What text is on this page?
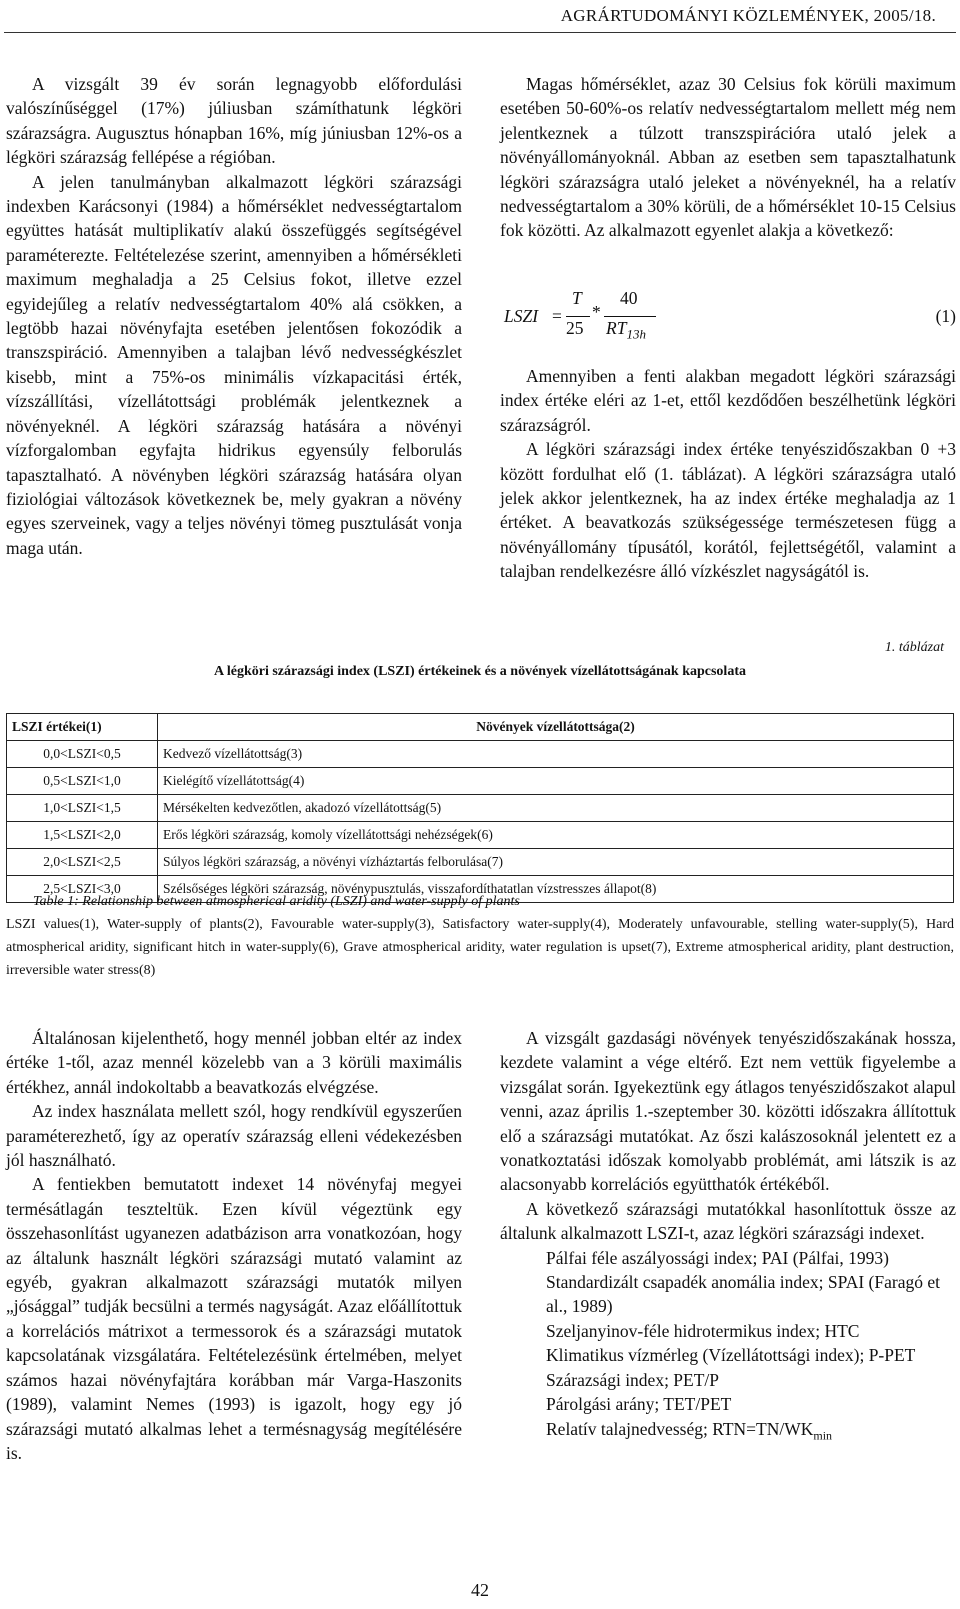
AGRÁRTUDOMÁNYI KÖZLEMÉNYEK, 2005/18.

A vizsgált 39 év során legnagyobb előfordulási valószínűséggel (17%) júliusban számíthatunk légköri szárazságra. Augusztus hónapban 16%, míg júniusban 12%-os a légköri szárazság fellépése a régióban.

A jelen tanulmányban alkalmazott légköri szárazsági indexben Karácsonyi (1984) a hőmérséklet nedvességtartalom együttes hatását multiplikatív alakú összefüggés segítségével paraméterezte. Feltételezése szerint, amennyiben a hőmérsékleti maximum meghaladja a 25 Celsius fokot, illetve ezzel egyidejűleg a relatív nedvességtartalom 40% alá csökken, a legtöbb hazai növényfajta esetében jelentősen fokozódik a transzspiráció. Amennyiben a talajban lévő nedvességkészlet kisebb, mint a 75%-os minimális vízkapacitási érték, vízszállítási, vízellátottsági problémák jelentkeznek a növényeknél. A légköri szárazság hatására a növényi vízforgalomban egyfajta hidrikus egyensúly felborulás tapasztalható. A növényben légköri szárazság hatására olyan fiziológiai változások következnek be, mely gyakran a növény egyes szerveinek, vagy a teljes növényi tömeg pusztulását vonja maga után.

Magas hőmérséklet, azaz 30 Celsius fok körüli maximum esetében 50-60%-os relatív nedvességtartalom mellett még nem jelentkeznek a túlzott transzspirációra utaló jelek a növényállományoknál. Abban az esetben sem tapasztalhatunk légköri szárazságra utaló jeleket a növényeknél, ha a relatív nedvességtartalom a 30% körüli, de a hőmérséklet 10-15 Celsius fok közötti. Az alkalmazott egyenlet alakja a következő:

LSZI =
T
25
*
40
$RT_{13h}$
(1)

Amennyiben a fenti alakban megadott légköri szárazsági index értéke eléri az 1-et, ettől kezdődően beszélhetünk légköri szárazságról.

A légköri szárazsági index értéke tenyészidőszakban 0 +3 között fordulhat elő (1. táblázat). A légköri szárazságra utaló jelek akkor jelentkeznek, ha az index értéke meghaladja az 1 értéket. A beavatkozás szükségessége természetesen függ a növényállomány típusától, korától, fejlettségétől, valamint a talajban rendelkezésre álló vízkészlet nagyságától is.

1. táblázat
A légköri szárazsági index (LSZI) értékeinek és a növények vízellátottságának kapcsolata
LSZI értékei(1)	Növények vízellátottsága(2)
0,0<LSZI<0,5	Kedvező vízellátottság(3)
0,5<LSZI<1,0	Kielégítő vízellátottság(4)
1,0<LSZI<1,5	Mérsékelten kedvezőtlen, akadozó vízellátottság(5)
1,5<LSZI<2,0	Erős légköri szárazság, komoly vízellátottsági nehézségek(6)
2,0<LSZI<2,5	Súlyos légköri szárazság, a növényi vízháztartás felborulása(7)
2,5<LSZI<3,0	Szélsőséges légköri szárazság, növénypusztulás, visszafordíthatatlan vízstresszes állapot(8)
Table 1: Relationship between atmospherical aridity (LSZI) and water-supply of plants
LSZI values(1), Water-supply of plants(2), Favourable water-supply(3), Satisfactory water-supply(4), Moderately unfavourable, stelling water-supply(5), Hard atmospherical aridity, significant hitch in water-supply(6), Grave atmospherical aridity, water regulation is upset(7), Extreme atmospherical aridity, plant destruction, irreversible water stress(8)

Általánosan kijelenthető, hogy mennél jobban eltér az index értéke 1-től, azaz mennél közelebb van a 3 körüli maximális értékhez, annál indokoltabb a beavatkozás elvégzése.

Az index használata mellett szól, hogy rendkívül egyszerűen paraméterezhető, így az operatív szárazság elleni védekezésben jól használható.

A fentiekben bemutatott indexet 14 növényfaj megyei termésátlagán teszteltük. Ezen kívül végeztünk egy összehasonlítást ugyanezen adatbázison arra vonatkozóan, hogy az általunk használt légköri szárazsági mutató valamint az egyéb, gyakran alkalmazott szárazsági mutatók milyen „jósággal” tudják becsülni a termés nagyságát. Azaz előállítottuk a korrelációs mátrixot a termessorok és a szárazsági mutatok kapcsolatának vizsgálatára. Feltételezésünk értelmében, melyet számos hazai növényfajtára korábban már Varga-Haszonits (1989), valamint Nemes (1993) is igazolt, hogy egy jó szárazsági mutató alkalmas lehet a termésnagyság megítélésére is.

A vizsgált gazdasági növények tenyészidőszakának hossza, kezdete valamint a vége eltérő. Ezt nem vettük figyelembe a vizsgálat során. Igyekeztünk egy átlagos tenyészidőszakot alapul venni, azaz április 1.-szeptember 30. közötti időszakra állítottuk elő a szárazsági mutatókat. Az őszi kalászosoknál jelentett ez a vonatkoztatási időszak komolyabb problémát, ami látszik is az alacsonyabb korrelációs együtthatók értékéből.

A következő szárazsági mutatókkal hasonlítottuk össze az általunk alkalmazott LSZI-t, azaz légköri szárazsági indexet.

Pálfai féle aszályossági index; PAI (Pálfai, 1993)

Standardizált csapadék anomália index; SPAI (Faragó et al., 1989)

Szeljanyinov-féle hidrotermikus index; HTC

Klimatikus vízmérleg (Vízellátottsági index); P-PET

Szárazsági index; PET/P

Párolgási arány; TET/PET

Relatív talajnedvesség; $RTN=TN/WK_{min}$

42
